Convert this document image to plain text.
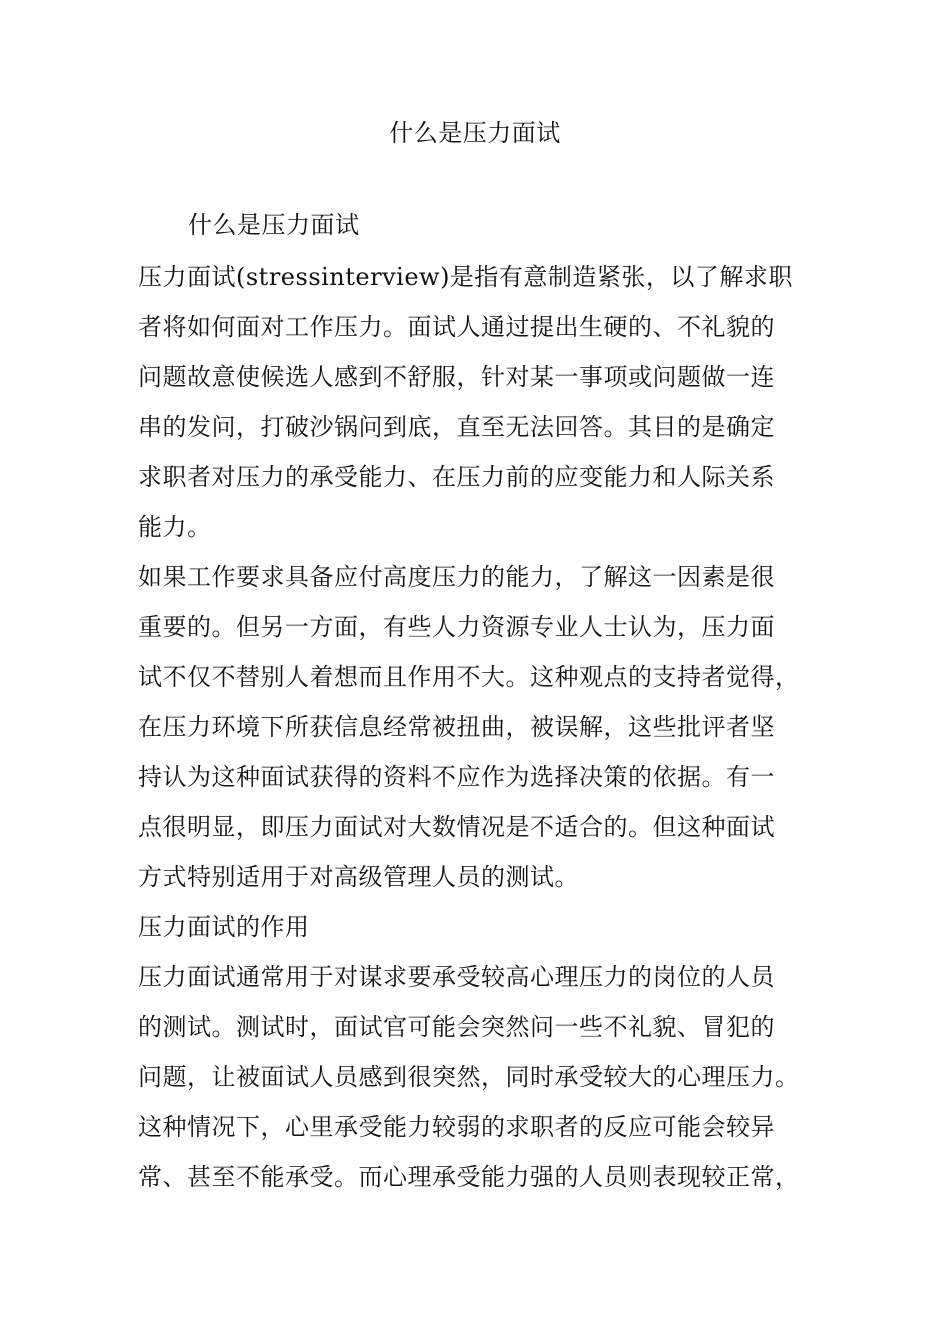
什么是压力面试
什么是压力面试
压力面试(stressinterview)是指有意制造紧张，以了解求职
者将如何面对工作压力。面试人通过提出生硬的、不礼貌的
问题故意使候选人感到不舒服，针对某一事项或问题做一连
串的发问，打破沙锅问到底，直至无法回答。其目的是确定
求职者对压力的承受能力、在压力前的应变能力和人际关系
能力。
如果工作要求具备应付高度压力的能力，了解这一因素是很
重要的。但另一方面，有些人力资源专业人士认为，压力面
试不仅不替别人着想而且作用不大。这种观点的支持者觉得，
在压力环境下所获信息经常被扭曲，被误解，这些批评者坚
持认为这种面试获得的资料不应作为选择决策的依据。有一
点很明显，即压力面试对大数情况是不适合的。但这种面试
方式特别适用于对高级管理人员的测试。
压力面试的作用
压力面试通常用于对谋求要承受较高心理压力的岗位的人员
的测试。测试时，面试官可能会突然问一些不礼貌、冒犯的
问题，让被面试人员感到很突然，同时承受较大的心理压力。
这种情况下，心里承受能力较弱的求职者的反应可能会较异
常、甚至不能承受。而心理承受能力强的人员则表现较正常，
